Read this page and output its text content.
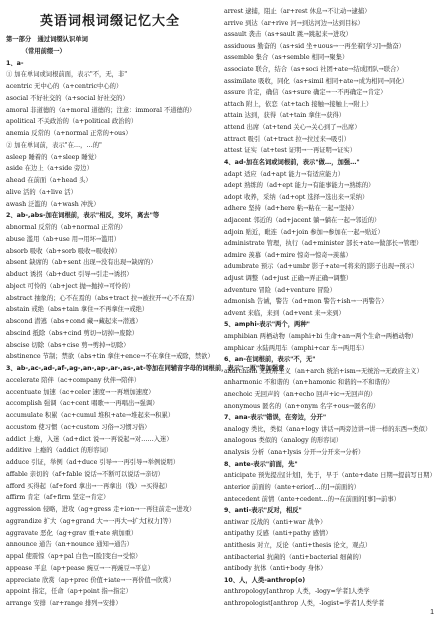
英语词根词缀记忆大全
第一部分　通过词缀认识单词
　　　（常用前缀一）
1、a-
① 加在单词或词根前面，表示"不，无，非"
acentric 无中心的（a+centric中心的）
asocial 不好社交的（a+social 好社交的）
amoral 非道德的（a+moral 道德的；注意：immoral 不道德的）
apolitical 不关政治的（a+political 政治的）
anemia 反常的（a+normal 正常的+ous）
② 加在单词前，表示"在…，…的"
asleep 睡着的（a+sleep 睡觉）
aside 在边上（a+side 旁边）
ahead 在前面（a+head 头）
alive 活的（a+live 活）
awash 泛滥的（a+wash 冲洗）
2、ab-,abs-加在词根前，表示"相反，变坏，离去"等
abnormal 反常的（ab+normal 正常的）
abuse 滥用（ab+use 用→用坏→滥用）
absorb 吸收（ab+sorb 吸收→吸收掉）
absent 缺席的（ab+sent 出现→没有出现→缺席的）
abduct 诱拐（ab+duct 引导→引走→诱拐）
abject 可怜的（ab+ject 抛→抛掉→可怜的）
abstract 抽象的；心不在焉的（abs+tract 拉→被拉开→心不在焉）
abstain 戒绝（abs+tain 拿住→不再拿住→戒绝）
abscond 潜逃（abs+cond 藏→藏起来→潜逃）
abscind 抵除（abs+cind 剪切→切掉→废除）
abscise 切除（abs+cise 剪→剪掉→切除）
abstinence 节制；禁欲（abs+tin 拿住+ence→不在拿住→戒除，禁欲）
3、ab-,ac-,ad-,af-,ag-,an-,ap-,ar-,as-,at-等加在同辅音字母的词根前，表示"一再"等加强意
accelerate 陪伴（ac+company 伙伴→陪伴）
accentuate 加速（ac+celer 速度→一再增加速度）
accomplish 强调（ac+cent 唱歌→一再唱出→强调）
accumulate 积累（ac+cumul 堆积+ate→堆起来→积累）
accustom 使习惯（ac+custom 习俗→习惯习俗）
addict 上瘾，入迷（ad+dict 说→一再说起→对……入迷）
additive 上瘾的（addict 的形容词）
adduce 引证，举例（ad+duce 引导→一再引导→举例说明）
affable 亲切的（af+fable 说话→不断可以说话→亲切）
afford 买得起（af+ford 拿出→一再拿出（钱）→买得起）
affirm 肯定（af+firm 坚定→肯定）
aggression 侵略，进攻（ag+gress 走+ion→一再往前走→进攻）
aggrandize 扩大（ag+grand 大→一再大→扩大[权力]等）
aggravate 恶化（ag+grav 重+ate 病加重）
announce 通告（an+nounce 通知→通告）
appal 使震惊（ap+pal 白色→[脸]变白→受惊）
appease 平息（ap+pease 豌豆→一再豌豆→平息）
appreciate 欣赏（ap+prec 价值+iate→一再价值→欣赏）
appoint 指定，任命（ap+point 指→指定）
arrange 安排（ar+range 排列→安排）
arrest 逮捕，阻止（ar+rest 休息→不让动→逮捕）
arrive 到达（ar+rive 河→到达河边→达到目标）
assault 袭击（as+sault 跳→跳起来→进攻）
assiduous 勤奋的（as+sid 坐+uous→一再坐着[学习]→勤奋）
assemble 集合（as+semble 相同→聚集）
associate 联合，结合（as+soci 社团+ate→结成团队→联合）
assimilate 吸收，同化（as+simil 相同+ate→成为相同→同化）
assure 肯定，确信（as+sure 确定→一不再确定→肯定）
attach 附上，依恋（at+tach 接触→接触上→附上）
attain 达到，获得（at+tain 拿住→获得）
attend 出席（at+tend 关心→关心到了→出席）
attract 吸引（at+tract 拉→拉过来→吸引）
attest 证实（at+test 证明→一再证明→证实）
4、ad-加在名词或词根前，表示"做…，加强…"
adapt 适应（ad+apt 能力→有适应能力）
adept 熟练的（ad+ept 能力→有能事能力→熟练的）
adopt 收养，采纳（ad+opt 选择→选出来→采纳）
adhere 坚持（ad+here 粘→粘在一起→坚持）
adjacent 邻近的（ad+jacent 躺→躺在一起→邻近的）
adjoin 贴近，毗连（ad+join 参加→参加在一起→贴近）
administrate 管理，执行（ad+minister 部长+ate→做部长→管理）
admire 羡慕（ad+mire 惊奇→惊奇→羡慕）
adumbrate 预示（ad+umbr 影子+ate→[将来的]影子出现→预示）
adjust 调整（ad+just 正确→弄正确→调整）
adventure 冒险（ad+venture 冒险）
admonish 告诫，警告（ad+mon 警告+ish→一再警告）
advent 来临，来到（ad+vent 来→来到）
5、amphi-表示"两个，两种"
amphibian 两栖动物（amphi+bi 生命+an→两个生命→两栖动物）
amphicar 水陆两用车（amphi+car 车→两用车）
6、an-在词根前，表示"不，无"
anarchism 无政府主义（an+arch 统治+ism→无统治→无政府主义）
anharmonic 不和谐的（an+hamonic 和谐的→不和谐的）
anechoic 无回声的（an+echo 回声+ic→无回声的）
anonymous 匿名的（an+onym 名字+ous→匿名的）
7、ana-表示"错误，在旁边，分开"
analogy 类比，类似（ana+logy 讲话→两旁边讲→讲一样的东西→类似）
analogous 类似的（analogy 的形容词）
analysis 分析（ana+lysis 分开→分开来→分析）
8、ante-表示"前面，先"
anticipate 预先提出[计划]，先于，早于（ante+date 日期→提前写日期）
anterior 前面的（ante+erior[…的]→前面的）
antecedent 前情（ante+cedent…的→在前面的[事]→前事）
9、anti-表示"反对，相反"
antiwar 反战的（anti+war 战争）
antipathy 反感（anti+pathy 感情）
antithesis 对立，反论（anti+thesis 论文，观点）
antibacterial 抗菌的（anti+bacterial 细菌的）
antibody 抗体（anti+body 身体）
10、人，人类-anthrop(o)
anthropology[anthrop 人类，-logy=学者]人类学
anthropologist[anthrop 人类，-logist=学者]人类学者
1
